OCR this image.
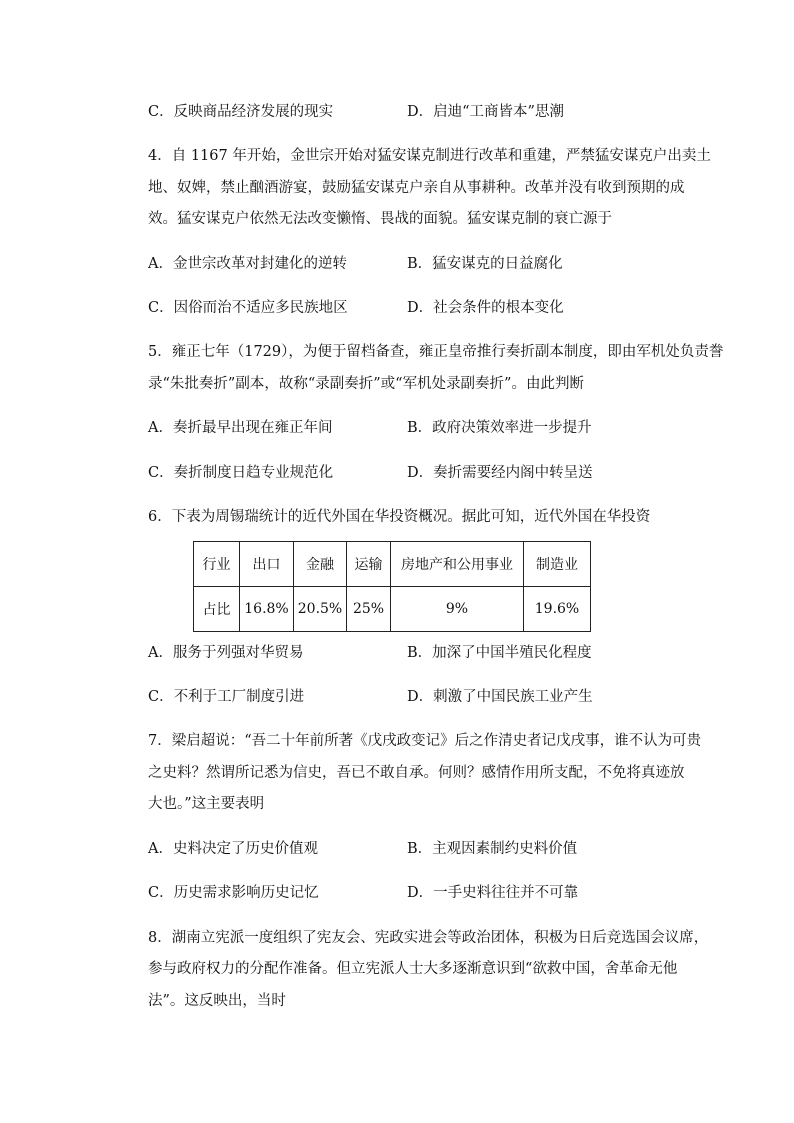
C．反映商品经济发展的现实	D．启迪“工商皆本”思潮
4．自 1167 年开始，金世宗开始对猛安谋克制进行改革和重建，严禁猛安谋克户出卖土
地、奴婢，禁止酗酒游宴，鼓励猛安谋克户亲自从事耕种。改革并没有收到预期的成
效。猛安谋克户依然无法改变懒惰、畏战的面貌。猛安谋克制的衰亡源于
A．金世宗改革对封建化的逆转	B．猛安谋克的日益腐化
C．因俗而治不适应多民族地区	D．社会条件的根本变化
5．雍正七年（1729），为便于留档备查，雍正皇帝推行奏折副本制度，即由军机处负责誊
录“朱批奏折”副本，故称“录副奏折”或“军机处录副奏折”。由此判断
A．奏折最早出现在雍正年间	B．政府决策效率进一步提升
C．奏折制度日趋专业规范化	D．奏折需要经内阁中转呈送
6．下表为周锡瑞统计的近代外国在华投资概况。据此可知，近代外国在华投资
行业	出口	金融	运输	房地产和公用事业	制造业
占比	16.8%	20.5%	25%	9%	19.6%
A．服务于列强对华贸易	B．加深了中国半殖民化程度
C．不利于工厂制度引进	D．刺激了中国民族工业产生
7．梁启超说：“吾二十年前所著《戊戌政变记》后之作清史者记戊戌事，谁不认为可贵
之史料？然谓所记悉为信史，吾已不敢自承。何则？感情作用所支配，不免将真迹放
大也。”这主要表明
A．史料决定了历史价值观	B．主观因素制约史料价值
C．历史需求影响历史记忆	D．一手史料往往并不可靠
8．湖南立宪派一度组织了宪友会、宪政实进会等政治团体，积极为日后竞选国会议席，
参与政府权力的分配作准备。但立宪派人士大多逐渐意识到“欲救中国，舍革命无他
法”。这反映出，当时
